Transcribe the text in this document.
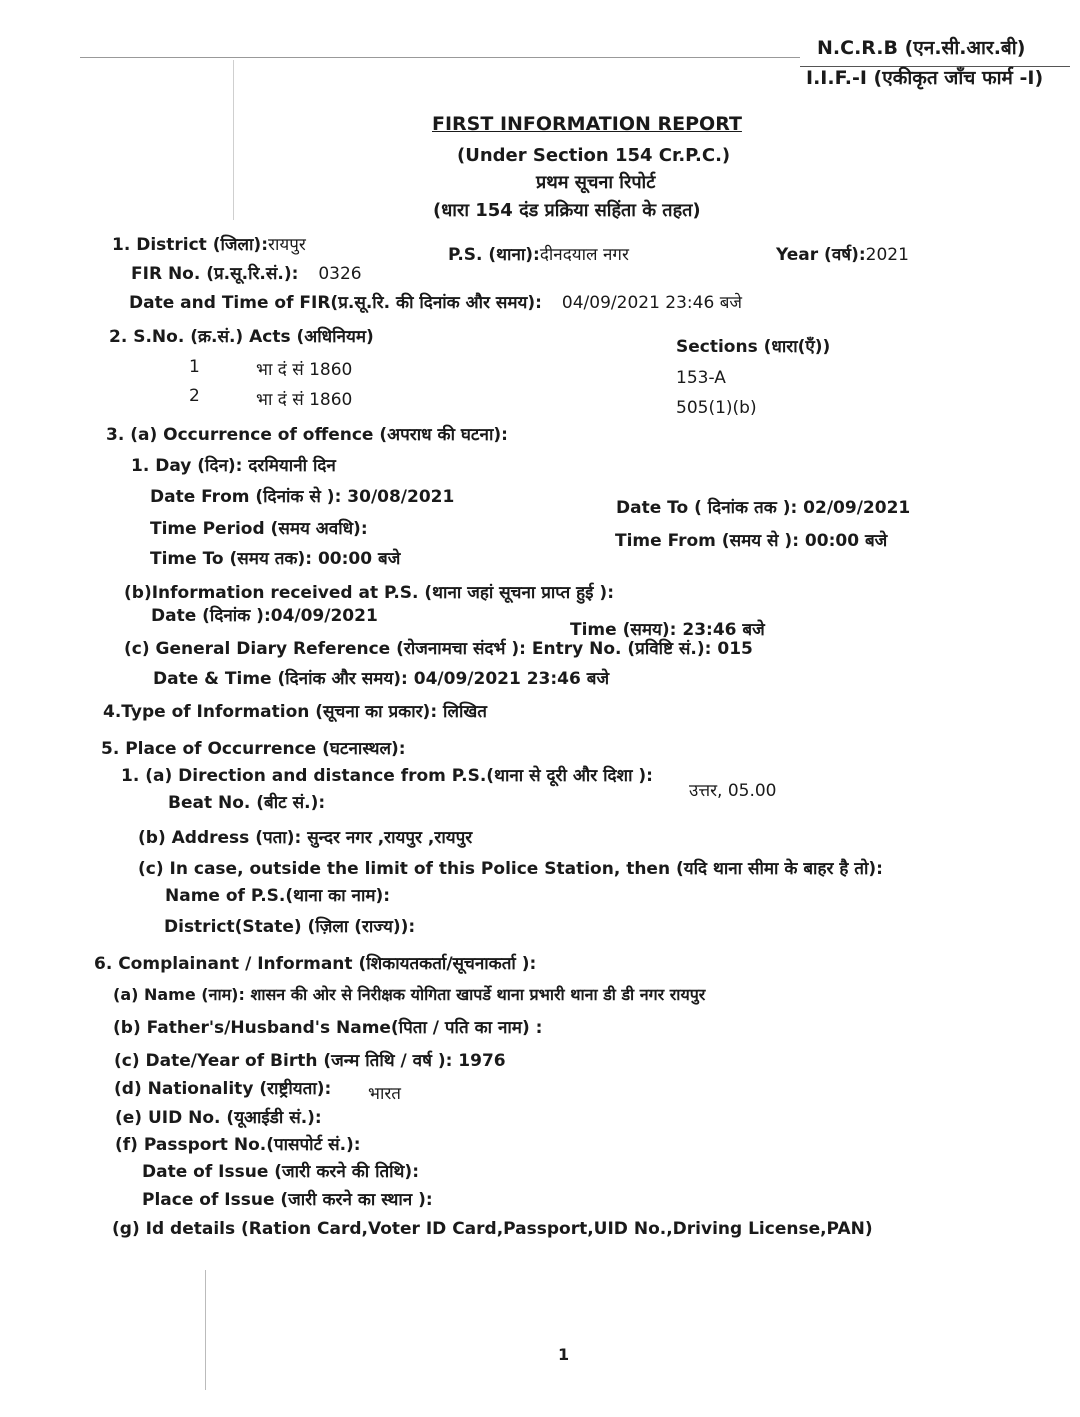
N.C.R.B (एन.सी.आर.बी)
I.I.F.-I (एकीकृत जाँच फार्म -I)
FIRST INFORMATION REPORT
(Under Section 154 Cr.P.C.)
प्रथम सूचना रिपोर्ट
(धारा 154 दंड प्रक्रिया सहिंता के तहत)
1. District (जिला):रायपुर	P.S. (थाना):दीनदयाल नगर	Year (वर्ष):2021
FIR No. (प्र.सू.रि.सं.): 0326
Date and Time of FIR(प्र.सू.रि. की दिनांक और समय): 04/09/2021 23:46 बजे
2. S.No. (क्र.सं.) Acts (अधिनियम)	Sections (धारा(एँ))
1	भा दं सं 1860	153-A
2	भा दं सं 1860	505(1)(b)
3. (a) Occurrence of offence (अपराध की घटना):
1. Day (दिन): दरमियानी दिन
Date From (दिनांक से ): 30/08/2021
Date To ( दिनांक तक ): 02/09/2021
Time Period (समय अवधि):
Time From (समय से ): 00:00 बजे
Time To (समय तक): 00:00 बजे
(b)Information received at P.S. (थाना जहां सूचना प्राप्त हुई ):
Date (दिनांक ):04/09/2021
Time (समय): 23:46 बजे
(c) General Diary Reference (रोजनामचा संदर्भ ): Entry No. (प्रविष्टि सं.): 015
Date & Time (दिनांक और समय): 04/09/2021 23:46 बजे
4.Type of Information (सूचना का प्रकार): लिखित
5. Place of Occurrence (घटनास्थल):
1. (a) Direction and distance from P.S.(थाना से दूरी और दिशा ):
उत्तर, 05.00
Beat No. (बीट सं.):
(b) Address (पता): सुन्दर नगर ,रायपुर ,रायपुर
(c) In case, outside the limit of this Police Station, then (यदि थाना सीमा के बाहर है तो):
Name of P.S.(थाना का नाम):
District(State) (ज़िला (राज्य)):
6. Complainant / Informant (शिकायतकर्ता/सूचनाकर्ता ):
(a) Name (नाम): शासन की ओर से निरीक्षक योगिता खापर्डे थाना प्रभारी थाना डी डी नगर रायपुर
(b) Father's/Husband's Name(पिता / पति का नाम) :
(c) Date/Year of Birth (जन्म तिथि / वर्ष ): 1976
(d) Nationality (राष्ट्रीयता): भारत
(e) UID No. (यूआईडी सं.):
(f) Passport No.(पासपोर्ट सं.):
Date of Issue (जारी करने की तिथि):
Place of Issue (जारी करने का स्थान ):
(g) Id details (Ration Card,Voter ID Card,Passport,UID No.,Driving License,PAN)
1
